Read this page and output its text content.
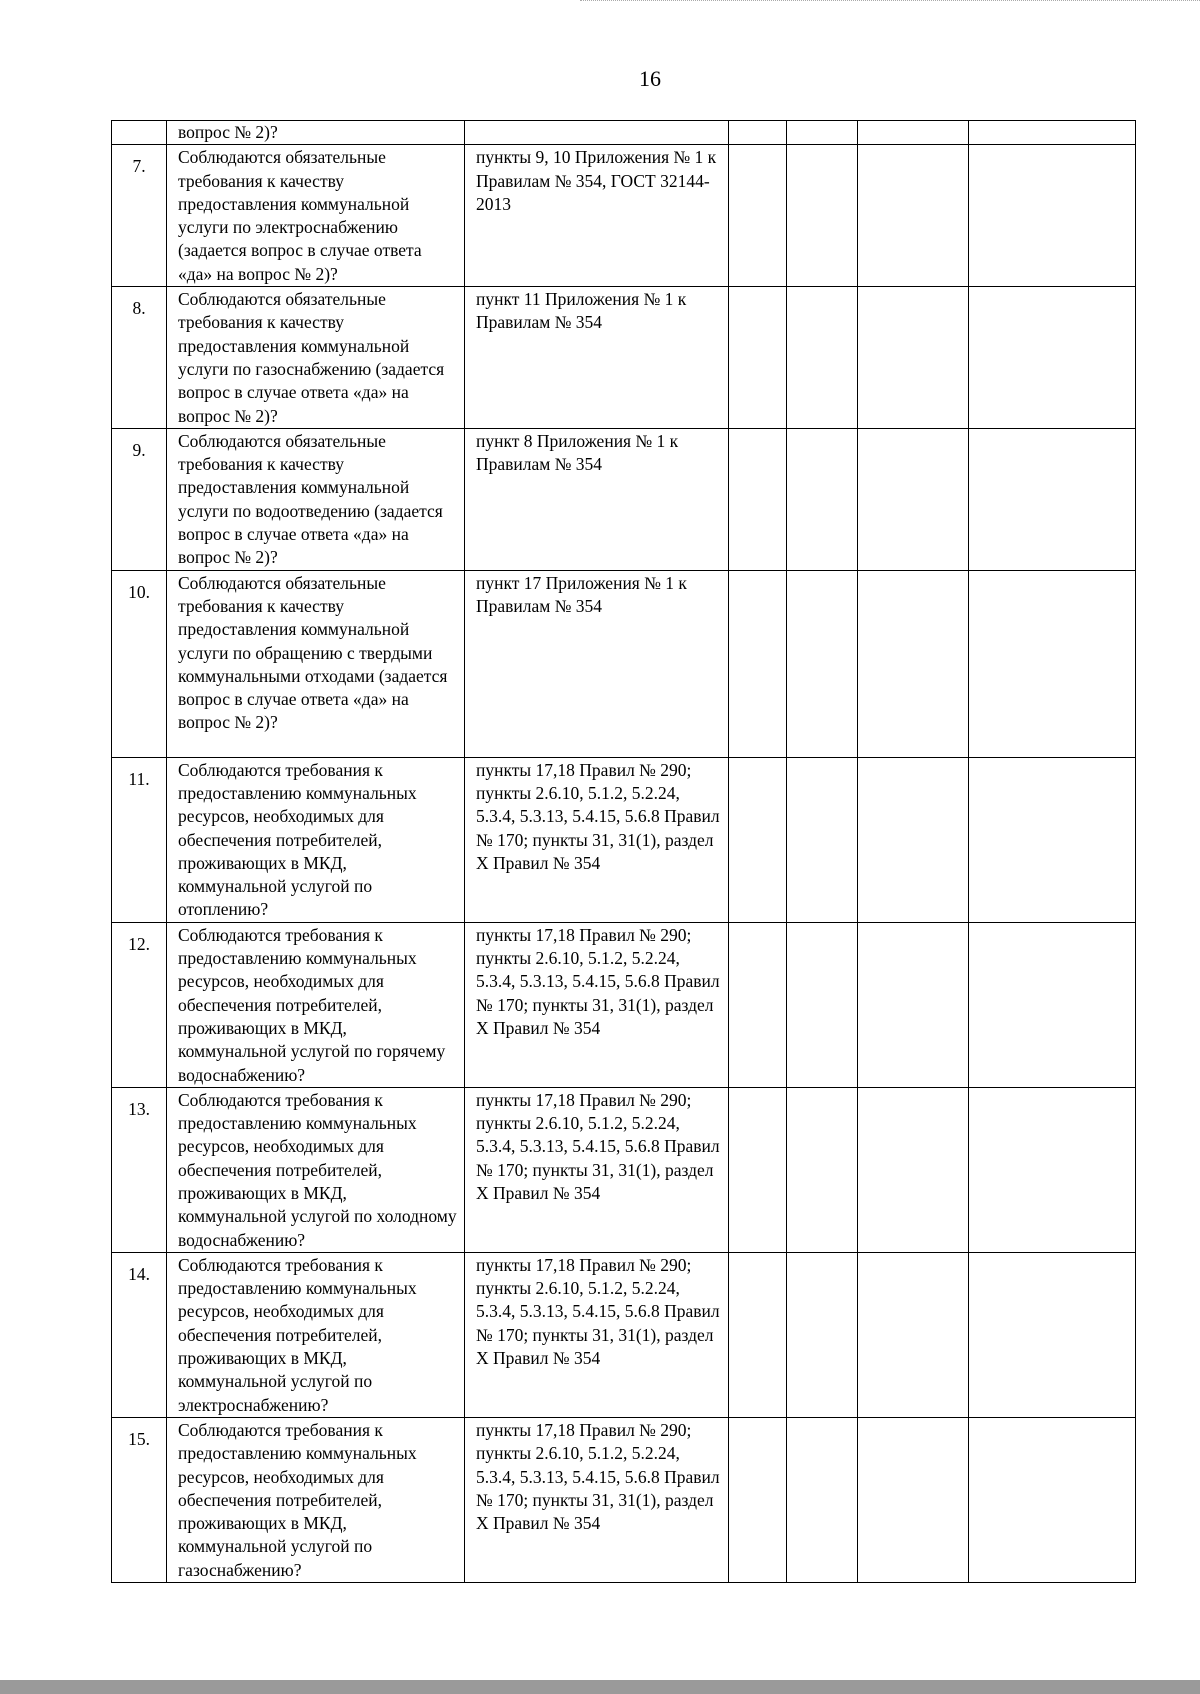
16
	вопрос № 2)?					
7.	Соблюдаются обязательные требования к качеству предоставления коммунальной услуги по электроснабжению (задается вопрос в случае ответа «да» на вопрос № 2)?	пункты 9, 10 Приложения № 1 к Правилам № 354, ГОСТ 32144-2013				
8.	Соблюдаются обязательные требования к качеству предоставления коммунальной услуги по газоснабжению (задается вопрос в случае ответа «да» на вопрос № 2)?	пункт 11 Приложения № 1 к Правилам № 354				
9.	Соблюдаются обязательные требования к качеству предоставления коммунальной услуги по водоотведению (задается вопрос в случае ответа «да» на вопрос № 2)?	пункт 8 Приложения № 1 к Правилам № 354				
10.	Соблюдаются обязательные требования к качеству предоставления коммунальной услуги по обращению с твердыми коммунальными отходами (задается вопрос в случае ответа «да» на вопрос № 2)?	пункт 17 Приложения № 1 к Правилам № 354				
11.	Соблюдаются требования к предоставлению коммунальных ресурсов, необходимых для обеспечения потребителей, проживающих в МКД, коммунальной услугой по отоплению?	пункты 17,18 Правил № 290; пункты 2.6.10, 5.1.2, 5.2.24, 5.3.4, 5.3.13, 5.4.15, 5.6.8 Правил № 170; пункты 31, 31(1), раздел X Правил № 354				
12.	Соблюдаются требования к предоставлению коммунальных ресурсов, необходимых для обеспечения потребителей, проживающих в МКД, коммунальной услугой по горячему водоснабжению?	пункты 17,18 Правил № 290; пункты 2.6.10, 5.1.2, 5.2.24, 5.3.4, 5.3.13, 5.4.15, 5.6.8 Правил № 170; пункты 31, 31(1), раздел X Правил № 354				
13.	Соблюдаются требования к предоставлению коммунальных ресурсов, необходимых для обеспечения потребителей, проживающих в МКД, коммунальной услугой по холодному водоснабжению?	пункты 17,18 Правил № 290; пункты 2.6.10, 5.1.2, 5.2.24, 5.3.4, 5.3.13, 5.4.15, 5.6.8 Правил № 170; пункты 31, 31(1), раздел X Правил № 354				
14.	Соблюдаются требования к предоставлению коммунальных ресурсов, необходимых для обеспечения потребителей, проживающих в МКД, коммунальной услугой по электроснабжению?	пункты 17,18 Правил № 290; пункты 2.6.10, 5.1.2, 5.2.24, 5.3.4, 5.3.13, 5.4.15, 5.6.8 Правил № 170; пункты 31, 31(1), раздел X Правил № 354				
15.	Соблюдаются требования к предоставлению коммунальных ресурсов, необходимых для обеспечения потребителей, проживающих в МКД, коммунальной услугой по газоснабжению?	пункты 17,18 Правил № 290; пункты 2.6.10, 5.1.2, 5.2.24, 5.3.4, 5.3.13, 5.4.15, 5.6.8 Правил № 170; пункты 31, 31(1), раздел X Правил № 354				
